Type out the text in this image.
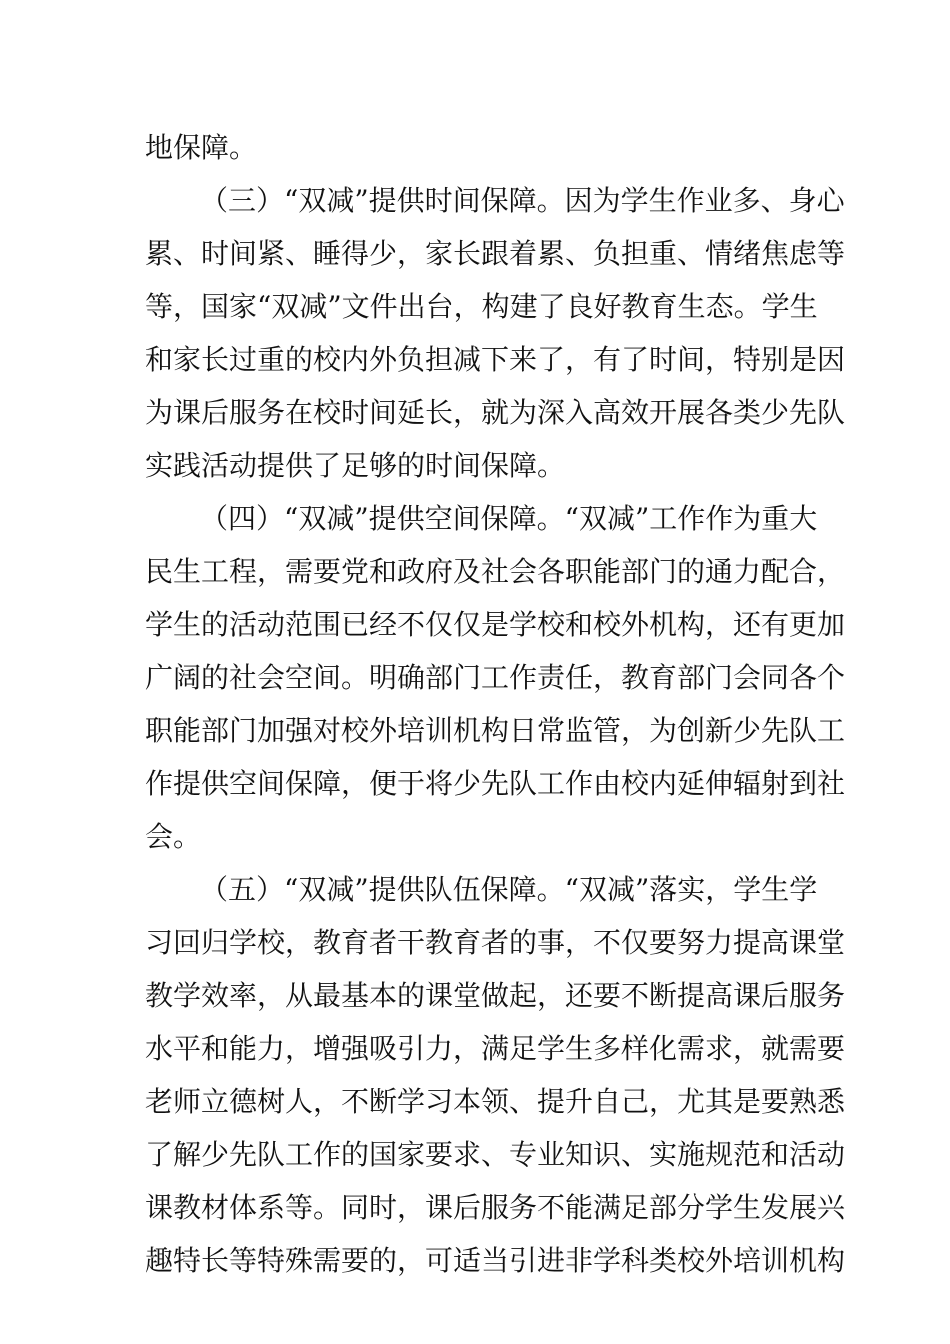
地保障。
（三）“双减”提供时间保障。因为学生作业多、身心
累、时间紧、睡得少，家长跟着累、负担重、情绪焦虑等
等，国家“双减”文件出台，构建了良好教育生态。学生
和家长过重的校内外负担减下来了，有了时间，特别是因
为课后服务在校时间延长，就为深入高效开展各类少先队
实践活动提供了足够的时间保障。
（四）“双减”提供空间保障。“双减”工作作为重大
民生工程，需要党和政府及社会各职能部门的通力配合，
学生的活动范围已经不仅仅是学校和校外机构，还有更加
广阔的社会空间。明确部门工作责任，教育部门会同各个
职能部门加强对校外培训机构日常监管，为创新少先队工
作提供空间保障，便于将少先队工作由校内延伸辐射到社
会。
（五）“双减”提供队伍保障。“双减”落实，学生学
习回归学校，教育者干教育者的事，不仅要努力提高课堂
教学效率，从最基本的课堂做起，还要不断提高课后服务
水平和能力，增强吸引力，满足学生多样化需求，就需要
老师立德树人，不断学习本领、提升自己，尤其是要熟悉
了解少先队工作的国家要求、专业知识、实施规范和活动
课教材体系等。同时，课后服务不能满足部分学生发展兴
趣特长等特殊需要的，可适当引进非学科类校外培训机构
